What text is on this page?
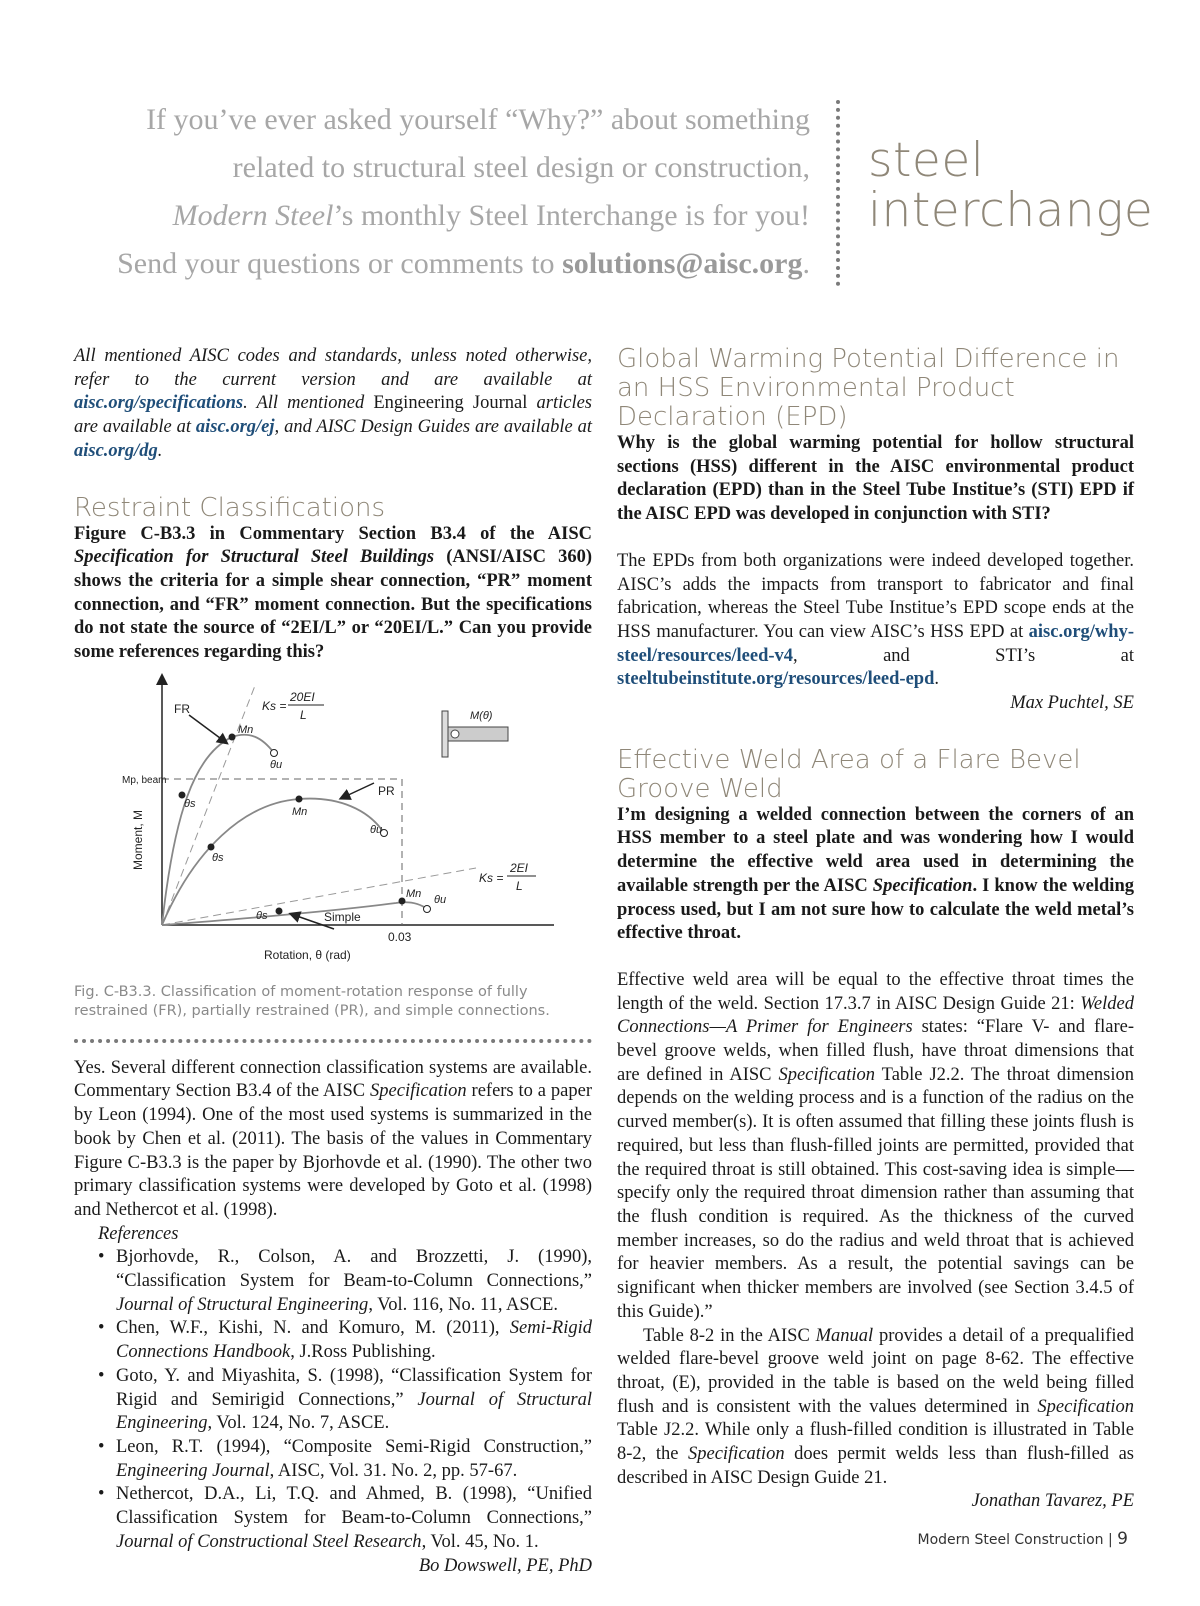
If you’ve ever asked yourself “Why?” about something
related to structural steel design or construction,
Modern Steel’s monthly Steel Interchange is for you!
Send your questions or comments to solutions@aisc.org.
steel
interchange

All mentioned AISC codes and standards, unless noted otherwise, refer to the current version and are available at aisc.org/specifications. All mentioned Engineering Journal articles are available at aisc.org/ej, and AISC Design Guides are available at aisc.org/dg.

Restraint Classifications

Figure C-B3.3 in Commentary Section B3.4 of the AISC Specification for Structural Steel Buildings (ANSI/AISC 360) shows the criteria for a simple shear connection, “PR” moment connection, and “FR” moment connection. But the specifications do not state the source of “2EI/L” or “20EI/L.” Can you provide some references regarding this?

FR
PR
Simple
Mp, beam
Mn
Mn
Mn
θu
θu
θu
θs
θs
θs
Ks =
20EI
L
Ks =
2EI
L
0.03
Rotation, θ (rad)
Moment, M
M(θ)
Fig. C-B3.3. Classification of moment-rotation response of fully restrained (FR), partially restrained (PR), and simple connections.

Yes. Several different connection classification systems are available. Commentary Section B3.4 of the AISC Specification refers to a paper by Leon (1994). One of the most used systems is summarized in the book by Chen et al. (2011). The basis of the values in Commentary Figure C-B3.3 is the paper by Bjorhovde et al. (1990). The other two primary classification systems were developed by Goto et al. (1998) and Nethercot et al. (1998).

References
• Bjorhovde, R., Colson, A. and Brozzetti, J. (1990), “Classification System for Beam-to-Column Connections,” Journal of Structural Engineering, Vol. 116, No. 11, ASCE.
• Chen, W.F., Kishi, N. and Komuro, M. (2011), Semi-Rigid Connections Handbook, J.Ross Publishing.
• Goto, Y. and Miyashita, S. (1998), “Classification System for Rigid and Semirigid Connections,” Journal of Structural Engineering, Vol. 124, No. 7, ASCE.
• Leon, R.T. (1994), “Composite Semi-Rigid Construction,” Engineering Journal, AISC, Vol. 31. No. 2, pp. 57-67.
• Nethercot, D.A., Li, T.Q. and Ahmed, B. (1998), “Unified Classification System for Beam-to-Column Connections,” Journal of Constructional Steel Research, Vol. 45, No. 1.
Bo Dowswell, PE, PhD
Global Warming Potential Difference in an HSS Environmental Product Declaration (EPD)

Why is the global warming potential for hollow structural sections (HSS) different in the AISC environmental product declaration (EPD) than in the Steel Tube Institue’s (STI) EPD if the AISC EPD was developed in conjunction with STI?

The EPDs from both organizations were indeed developed together. AISC’s adds the impacts from transport to fabricator and final fabrication, whereas the Steel Tube Institue’s EPD scope ends at the HSS manufacturer. You can view AISC’s HSS EPD at aisc.org/why-steel/resources/leed-v4, and STI’s at steeltubeinstitute.org/resources/leed-epd.

Max Puchtel, SE
Effective Weld Area of a Flare Bevel Groove Weld

I’m designing a welded connection between the corners of an HSS member to a steel plate and was wondering how I would determine the effective weld area used in determining the available strength per the AISC Specification. I know the welding process used, but I am not sure how to calculate the weld metal’s effective throat.

Effective weld area will be equal to the effective throat times the length of the weld. Section 17.3.7 in AISC Design Guide 21: Welded Connections—A Primer for Engineers states: “Flare V- and flare-bevel groove welds, when filled flush, have throat dimensions that are defined in AISC Specification Table J2.2. The throat dimension depends on the welding process and is a function of the radius on the curved member(s). It is often assumed that filling these joints flush is required, but less than flush-filled joints are permitted, provided that the required throat is still obtained. This cost-saving idea is simple—specify only the required throat dimension rather than assuming that the flush condition is required. As the thickness of the curved member increases, so do the radius and weld throat that is achieved for heavier members. As a result, the potential savings can be significant when thicker members are involved (see Section 3.4.5 of this Guide).”

Table 8-2 in the AISC Manual provides a detail of a prequalified welded flare-bevel groove weld joint on page 8-62. The effective throat, (E), provided in the table is based on the weld being filled flush and is consistent with the values determined in Specification Table J2.2. While only a flush-filled condition is illustrated in Table 8-2, the Specification does permit welds less than flush-filled as described in AISC Design Guide 21.

Jonathan Tavarez, PE
Modern Steel Construction | 9
